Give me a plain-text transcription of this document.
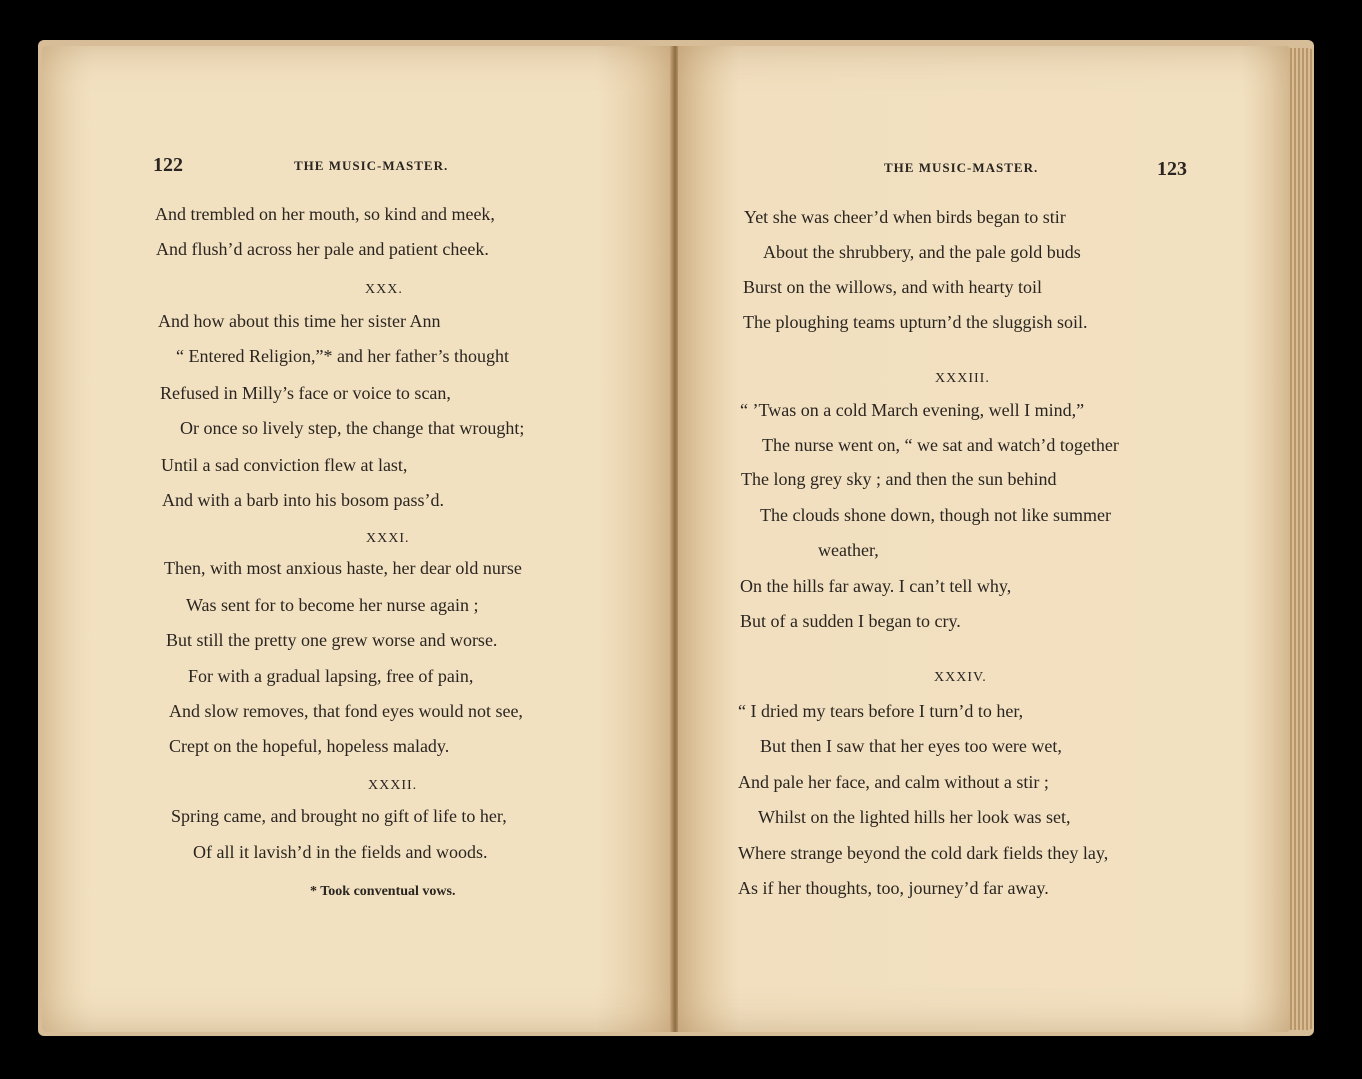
122	THE MUSIC-MASTER.
And trembled on her mouth, so kind and meek,
And flush’d across her pale and patient cheek.
XXX.
And how about this time her sister Ann
“ Entered Religion,”* and her father’s thought
Refused in Milly’s face or voice to scan,
Or once so lively step, the change that wrought;
Until a sad conviction flew at last,
And with a barb into his bosom pass’d.
XXXI.
Then, with most anxious haste, her dear old nurse
Was sent for to become her nurse again ;
But still the pretty one grew worse and worse.
For with a gradual lapsing, free of pain,
And slow removes, that fond eyes would not see,
Crept on the hopeful, hopeless malady.
XXXII.
Spring came, and brought no gift of life to her,
Of all it lavish’d in the fields and woods.
* Took conventual vows.
THE MUSIC-MASTER.	123
Yet she was cheer’d when birds began to stir
About the shrubbery, and the pale gold buds
Burst on the willows, and with hearty toil
The ploughing teams upturn’d the sluggish soil.
XXXIII.
“ ’Twas on a cold March evening, well I mind,”
The nurse went on, “ we sat and watch’d together
The long grey sky ; and then the sun behind
The clouds shone down, though not like summer
weather,
On the hills far away. I can’t tell why,
But of a sudden I began to cry.
XXXIV.
“ I dried my tears before I turn’d to her,
But then I saw that her eyes too were wet,
And pale her face, and calm without a stir ;
Whilst on the lighted hills her look was set,
Where strange beyond the cold dark fields they lay,
As if her thoughts, too, journey’d far away.
